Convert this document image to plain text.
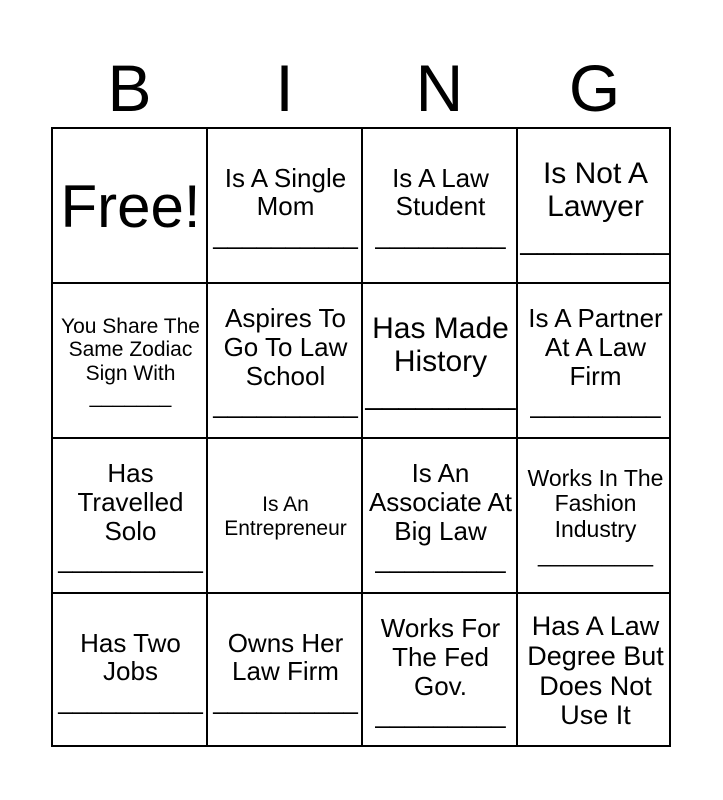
B	I	N	G
Free! Is A Single Mom __________
Is A Law Student _________
Is Not A Lawyer _________
You Share The Same Zodiac Sign With _______
Aspires To Go To Law School __________
Has Made History _________
Is A Partner At A Law Firm _________
Has Travelled Solo __________
Is An Entrepreneur
Is An Associate At Big Law _________
Works In The Fashion Industry _________
Has Two Jobs __________
Owns Her Law Firm __________
Works For The Fed Gov. _________
Has A Law Degree But Does Not Use It
